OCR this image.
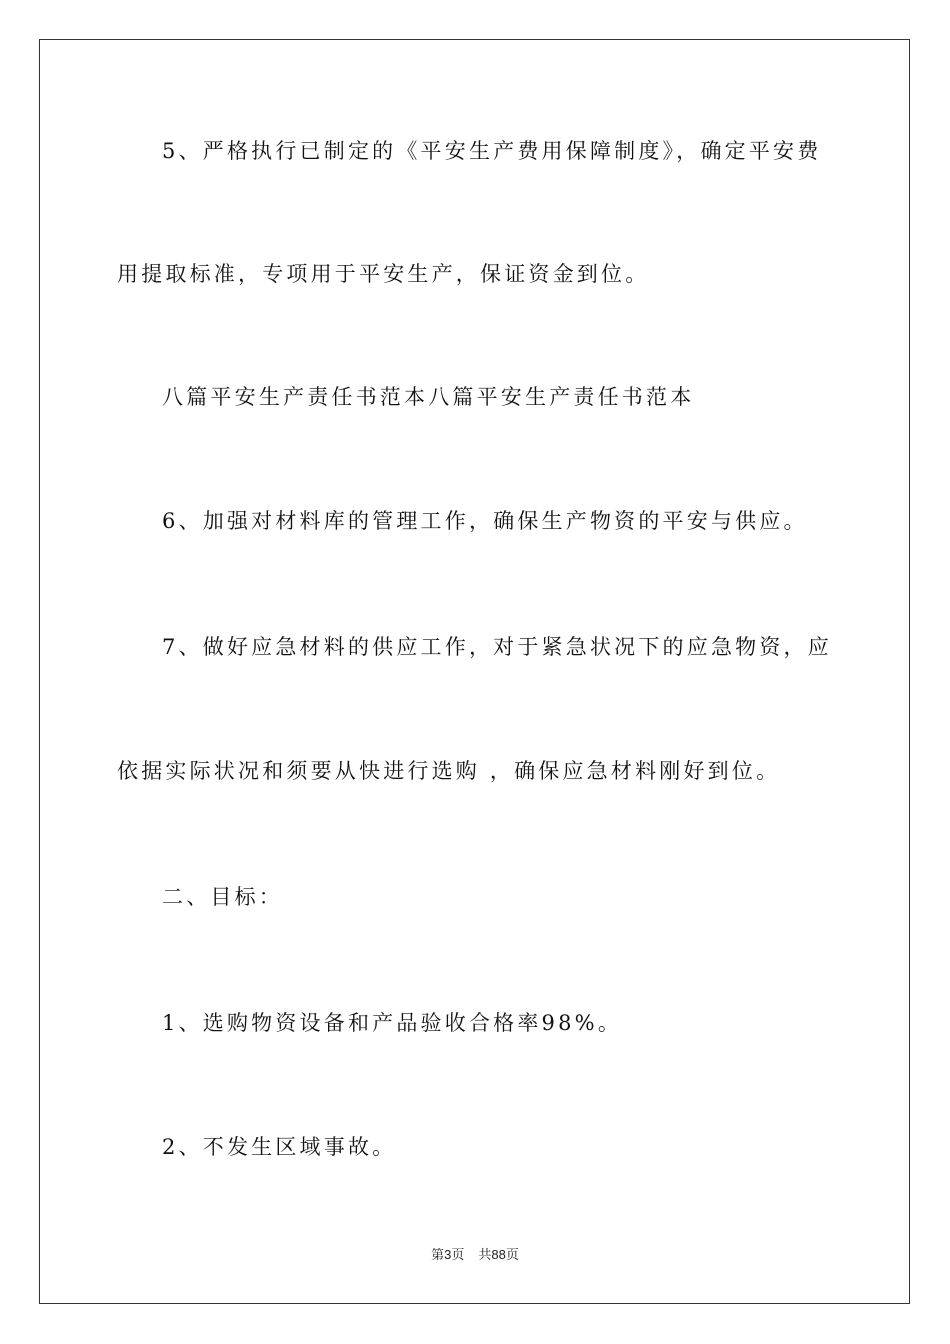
5、严格执行已制定的《平安生产费用保障制度》，确定平安费
用提取标准，专项用于平安生产，保证资金到位。
八篇平安生产责任书范本八篇平安生产责任书范本
6、加强对材料库的管理工作，确保生产物资的平安与供应。
7、做好应急材料的供应工作，对于紧急状况下的应急物资，应
依据实际状况和须要从快进行选购 ，确保应急材料刚好到位。
二、目标：
1、选购物资设备和产品验收合格率98%。
2、不发生区域事故。
第3页 共88页
